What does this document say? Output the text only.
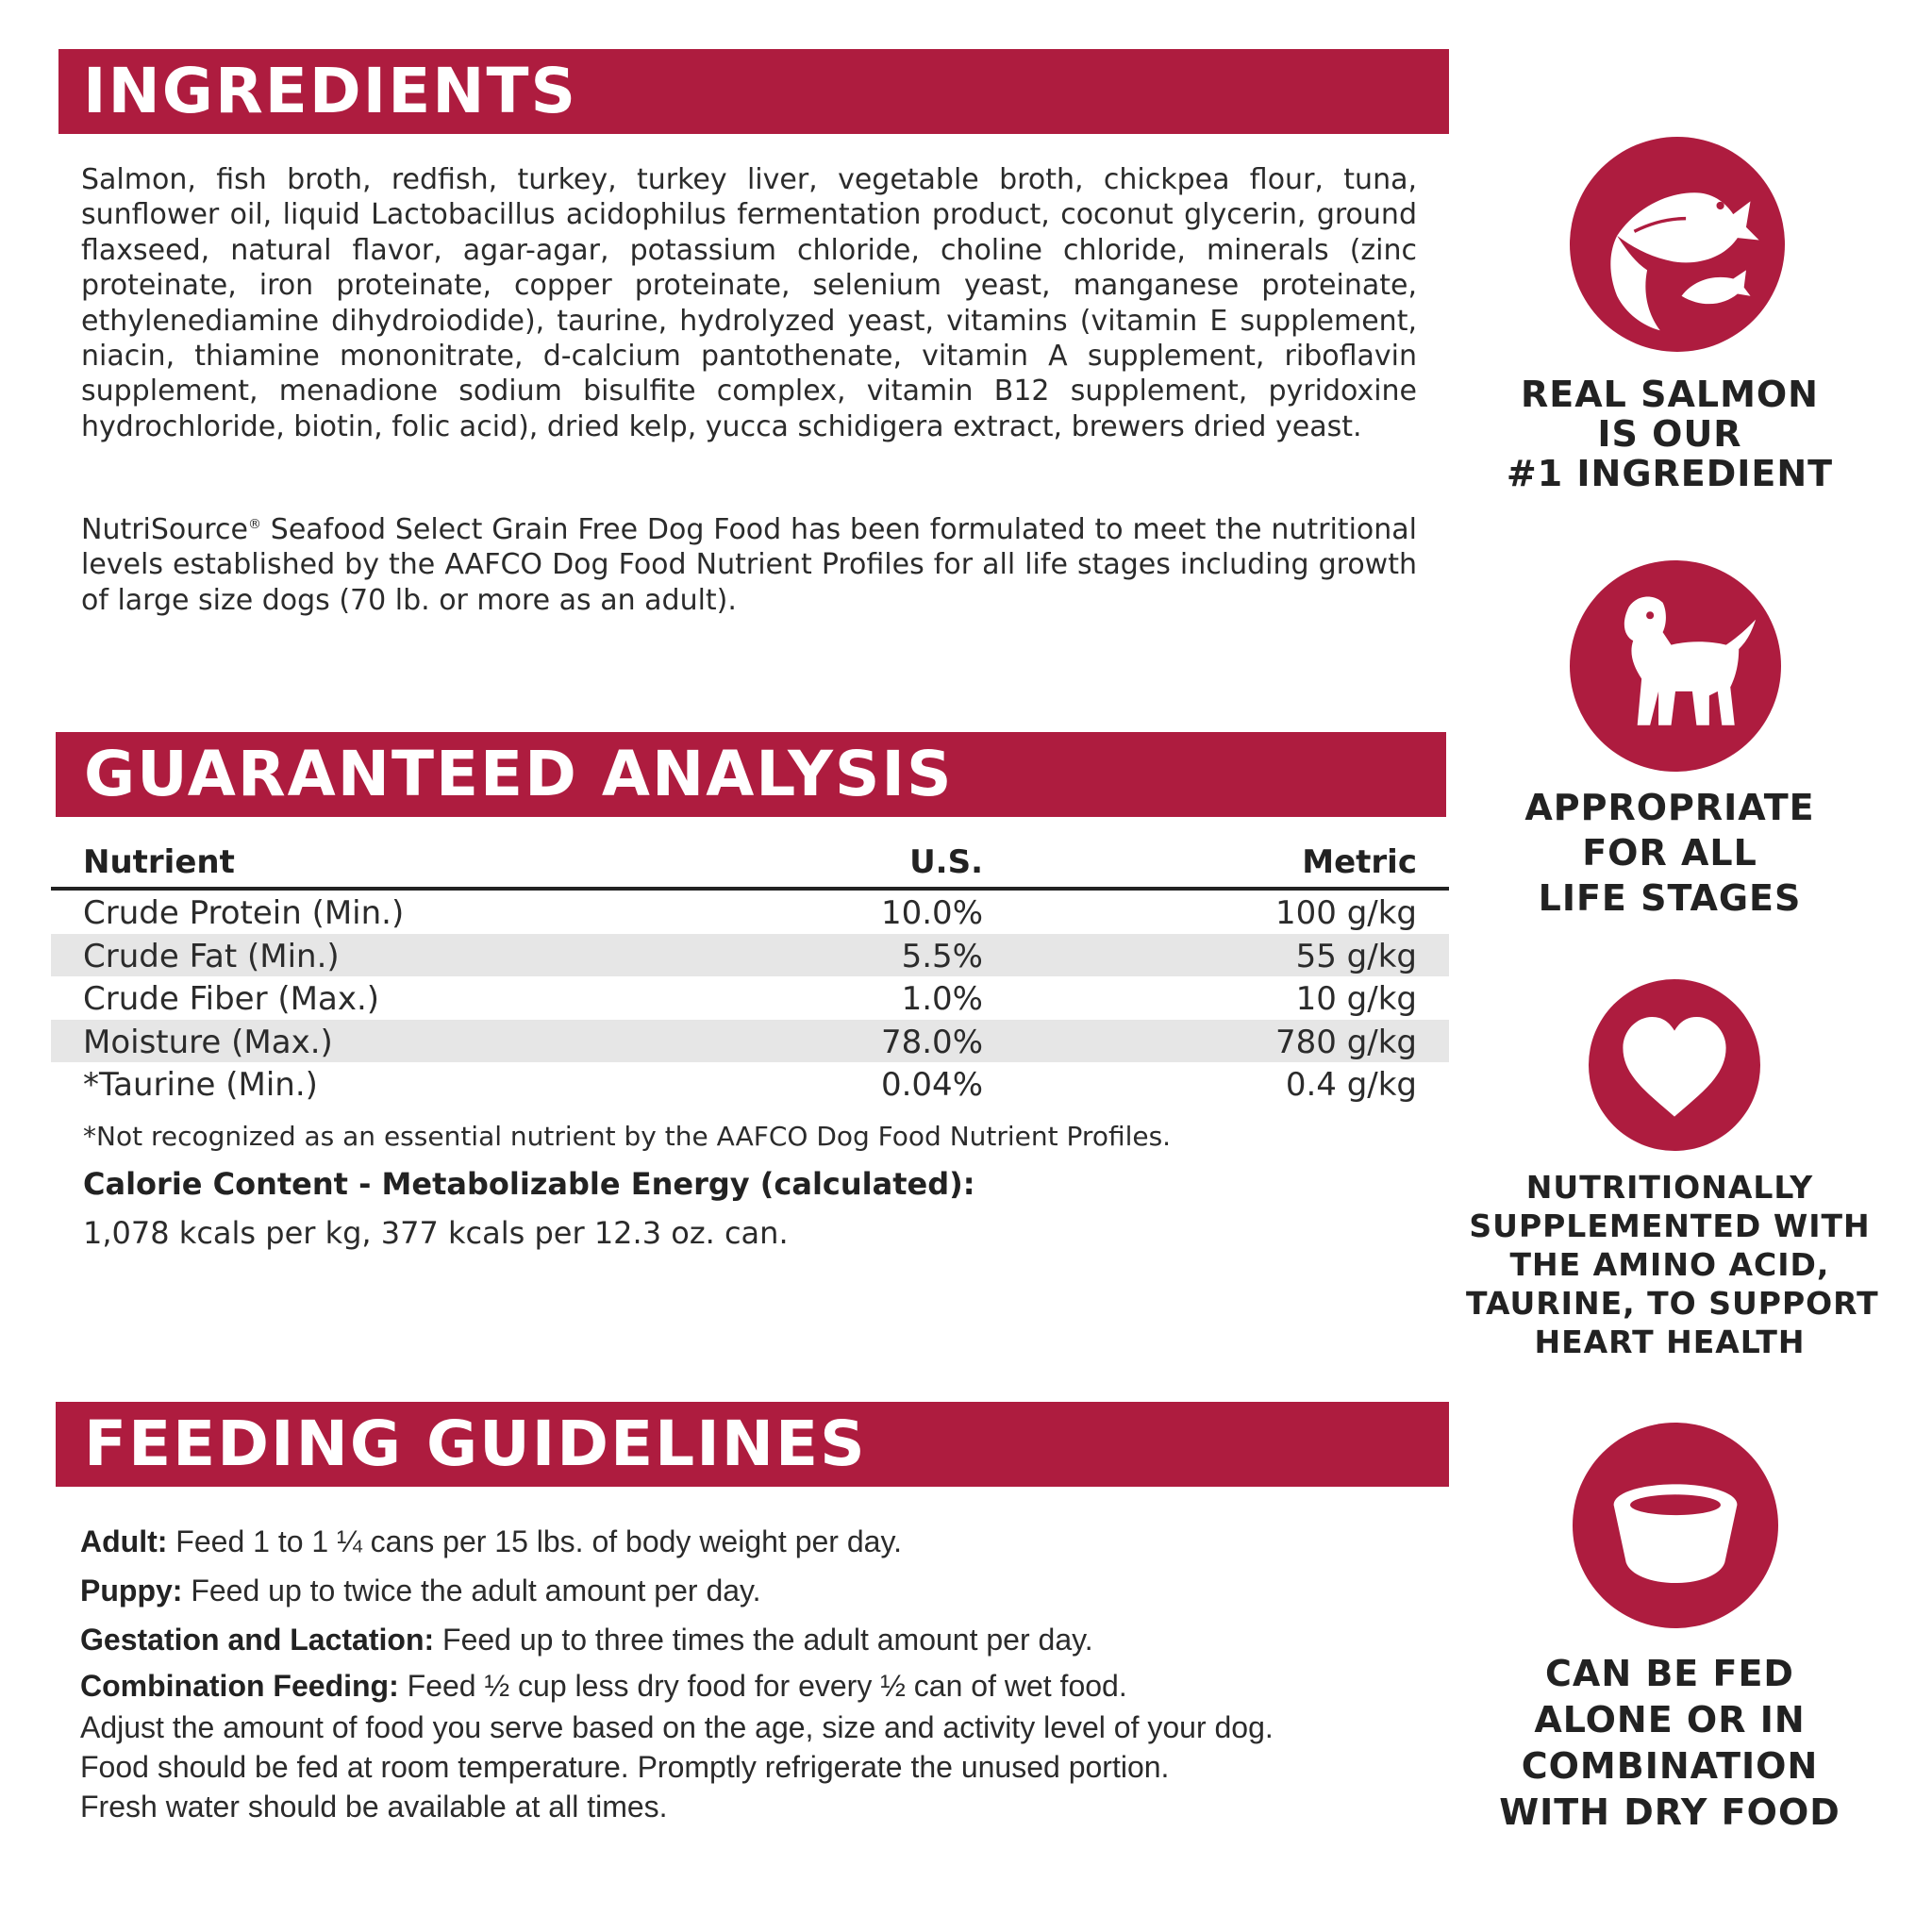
INGREDIENTS
Salmon, fish broth, redfish, turkey, turkey liver, vegetable broth, chickpea flour, tuna, sunflower oil, liquid Lactobacillus acidophilus fermentation product, coconut glycerin, ground flaxseed, natural flavor, agar-agar, potassium chloride, choline chloride, minerals (zinc proteinate, iron proteinate, copper proteinate, selenium yeast, manganese proteinate, ethylenediamine dihydroiodide), taurine, hydrolyzed yeast, vitamins (vitamin E supplement, niacin, thiamine mononitrate, d-calcium pantothenate, vitamin A supplement, riboflavin supplement, menadione sodium bisulfite complex, vitamin B12 supplement, pyridoxine hydrochloride, biotin, folic acid), dried kelp, yucca schidigera extract, brewers dried yeast.
NutriSource® Seafood Select Grain Free Dog Food has been formulated to meet the nutritional levels established by the AAFCO Dog Food Nutrient Profiles for all life stages including growth of large size dogs (70 lb. or more as an adult).
GUARANTEED ANALYSIS
Nutrient	U.S.	Metric
Crude Protein (Min.)	10.0%	100 g/kg
Crude Fat (Min.)	5.5%	55 g/kg
Crude Fiber (Max.)	1.0%	10 g/kg
Moisture (Max.)	78.0%	780 g/kg
*Taurine (Min.)	0.04%	0.4 g/kg
*Not recognized as an essential nutrient by the AAFCO Dog Food Nutrient Profiles.
Calorie Content - Metabolizable Energy (calculated):
1,078 kcals per kg, 377 kcals per 12.3 oz. can.
FEEDING GUIDELINES
Adult: Feed 1 to 1 ¼ cans per 15 lbs. of body weight per day.
Puppy: Feed up to twice the adult amount per day.
Gestation and Lactation: Feed up to three times the adult amount per day.
Combination Feeding: Feed ½ cup less dry food for every ½ can of wet food.
Adjust the amount of food you serve based on the age, size and activity level of your dog.
Food should be fed at room temperature. Promptly refrigerate the unused portion.
Fresh water should be available at all times.
REAL SALMON
IS OUR
#1 INGREDIENT
APPROPRIATE
FOR ALL
LIFE STAGES
NUTRITIONALLY
SUPPLEMENTED WITH
THE AMINO ACID,
TAURINE, TO SUPPORT
HEART HEALTH
CAN BE FED
ALONE OR IN
COMBINATION
WITH DRY FOOD
